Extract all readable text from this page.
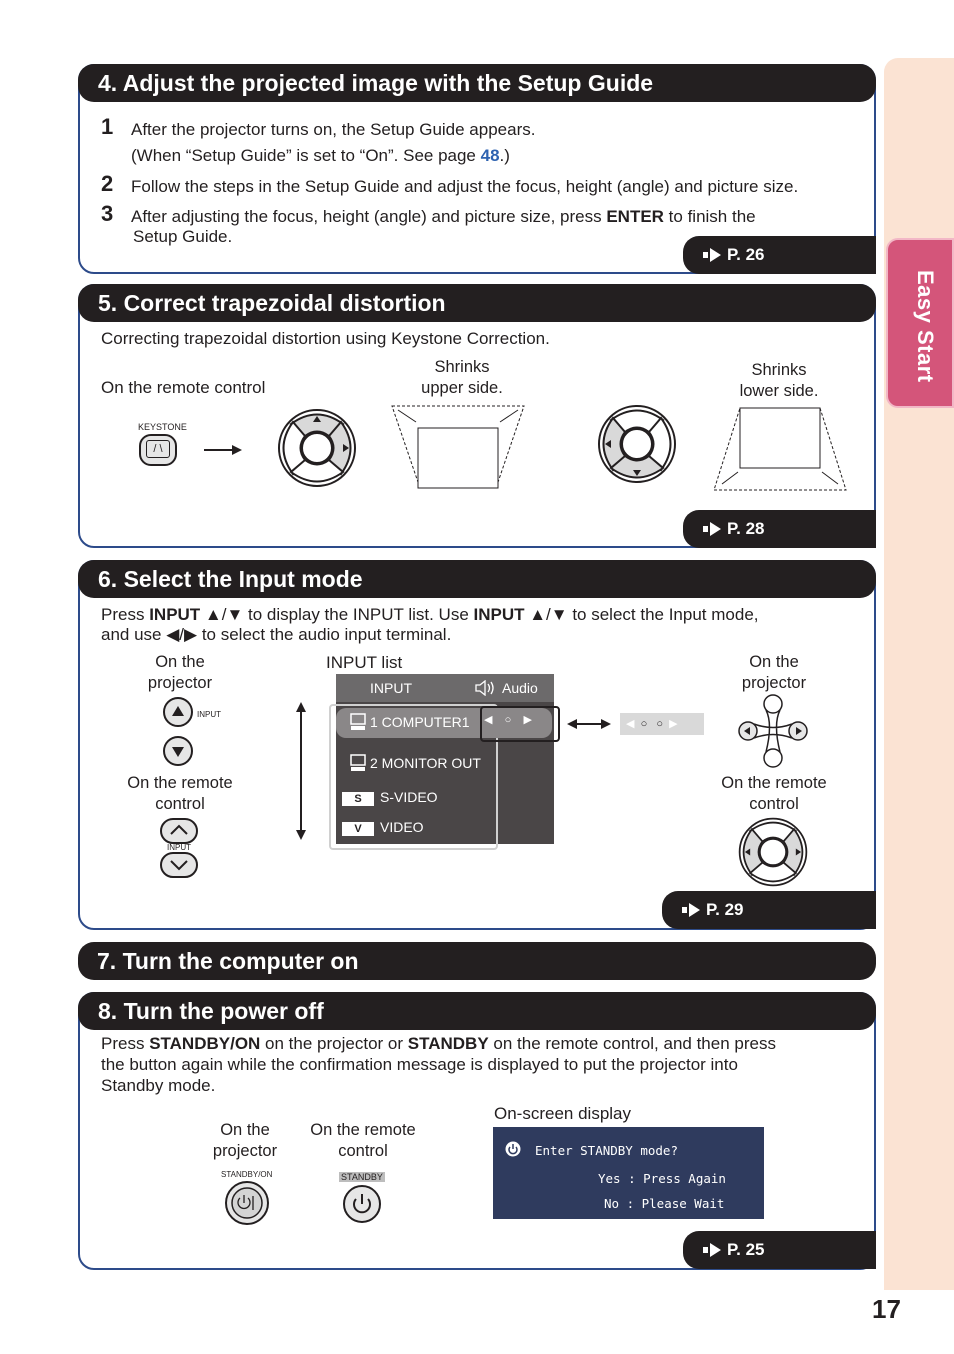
Easy Start
17
4. Adjust the projected image with the Setup Guide
1 After the projector turns on, the Setup Guide appears.
(When “Setup Guide” is set to “On”. See page 48.)
2 Follow the steps in the Setup Guide and adjust the focus, height (angle) and picture size.
3 After adjusting the focus, height (angle) and picture size, press ENTER to finish the
Setup Guide.
P. 26
5. Correct trapezoidal distortion
Correcting trapezoidal distortion using Keystone Correction.
On the remote control
KEYSTONE
/ \
Shrinks
upper side.
Shrinks
lower side.
P. 28
6. Select the Input mode
Press INPUT ▲/▼ to display the INPUT list. Use INPUT ▲/▼ to select the Input mode,
and use ◀/▶ to select the audio input terminal.
On the
projector
INPUT
On the remote
control
INPUT
INPUT list
INPUT	Audio
1 COMPUTER1 ◀    ○    ▶
2 MONITOR OUT
S S-VIDEO
V VIDEO
◀  ○   ○  ▶
On the
projector
On the remote
control
P. 29
7. Turn the computer on
8. Turn the power off
Press STANDBY/ON on the projector or STANDBY on the remote control, and then press
the button again while the confirmation message is displayed to put the projector into
Standby mode.
On the
projector
On the remote
control
STANDBY/ON	STANDBY
On-screen display
Enter STANDBY mode?
Yes : Press Again
No : Please Wait
P. 25
